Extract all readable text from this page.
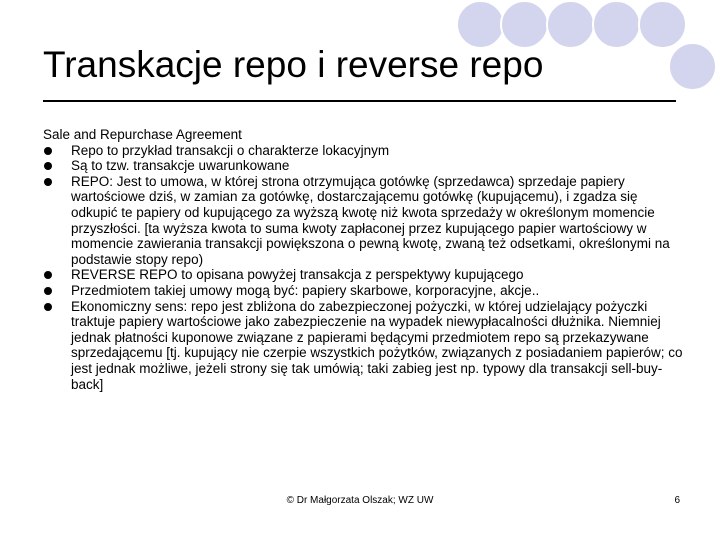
Transkacje repo i reverse repo

Sale and Repurchase Agreement

Repo to przykład transakcji o charakterze lokacyjnym
Są to tzw. transakcje uwarunkowane
REPO: Jest to umowa, w której strona otrzymująca gotówkę (sprzedawca) sprzedaje papiery wartościowe dziś, w zamian za gotówkę, dostarczającemu gotówkę (kupującemu), i zgadza się odkupić te papiery od kupującego za wyższą kwotę niż kwota sprzedaży w określonym momencie przyszłości. [ta wyższa kwota to suma kwoty zapłaconej przez kupującego papier wartościowy w momencie zawierania transakcji powiększona o pewną kwotę, zwaną też odsetkami, określonymi na podstawie stopy repo)
REVERSE REPO to opisana powyżej transakcja z perspektywy kupującego
Przedmiotem takiej umowy mogą być: papiery skarbowe, korporacyjne, akcje..
Ekonomiczny sens: repo jest zbliżona do zabezpieczonej pożyczki, w której udzielający pożyczki traktuje papiery wartościowe jako zabezpieczenie na wypadek niewypłacalności dłużnika. Niemniej jednak płatności kuponowe związane z papierami będącymi przedmiotem repo są przekazywane sprzedającemu [tj. kupujący nie czerpie wszystkich pożytków, związanych z posiadaniem papierów; co jest jednak możliwe, jeżeli strony się tak umówią; taki zabieg jest np. typowy dla transakcji sell-buy-back]
© Dr Małgorzata Olszak; WZ UW	6
